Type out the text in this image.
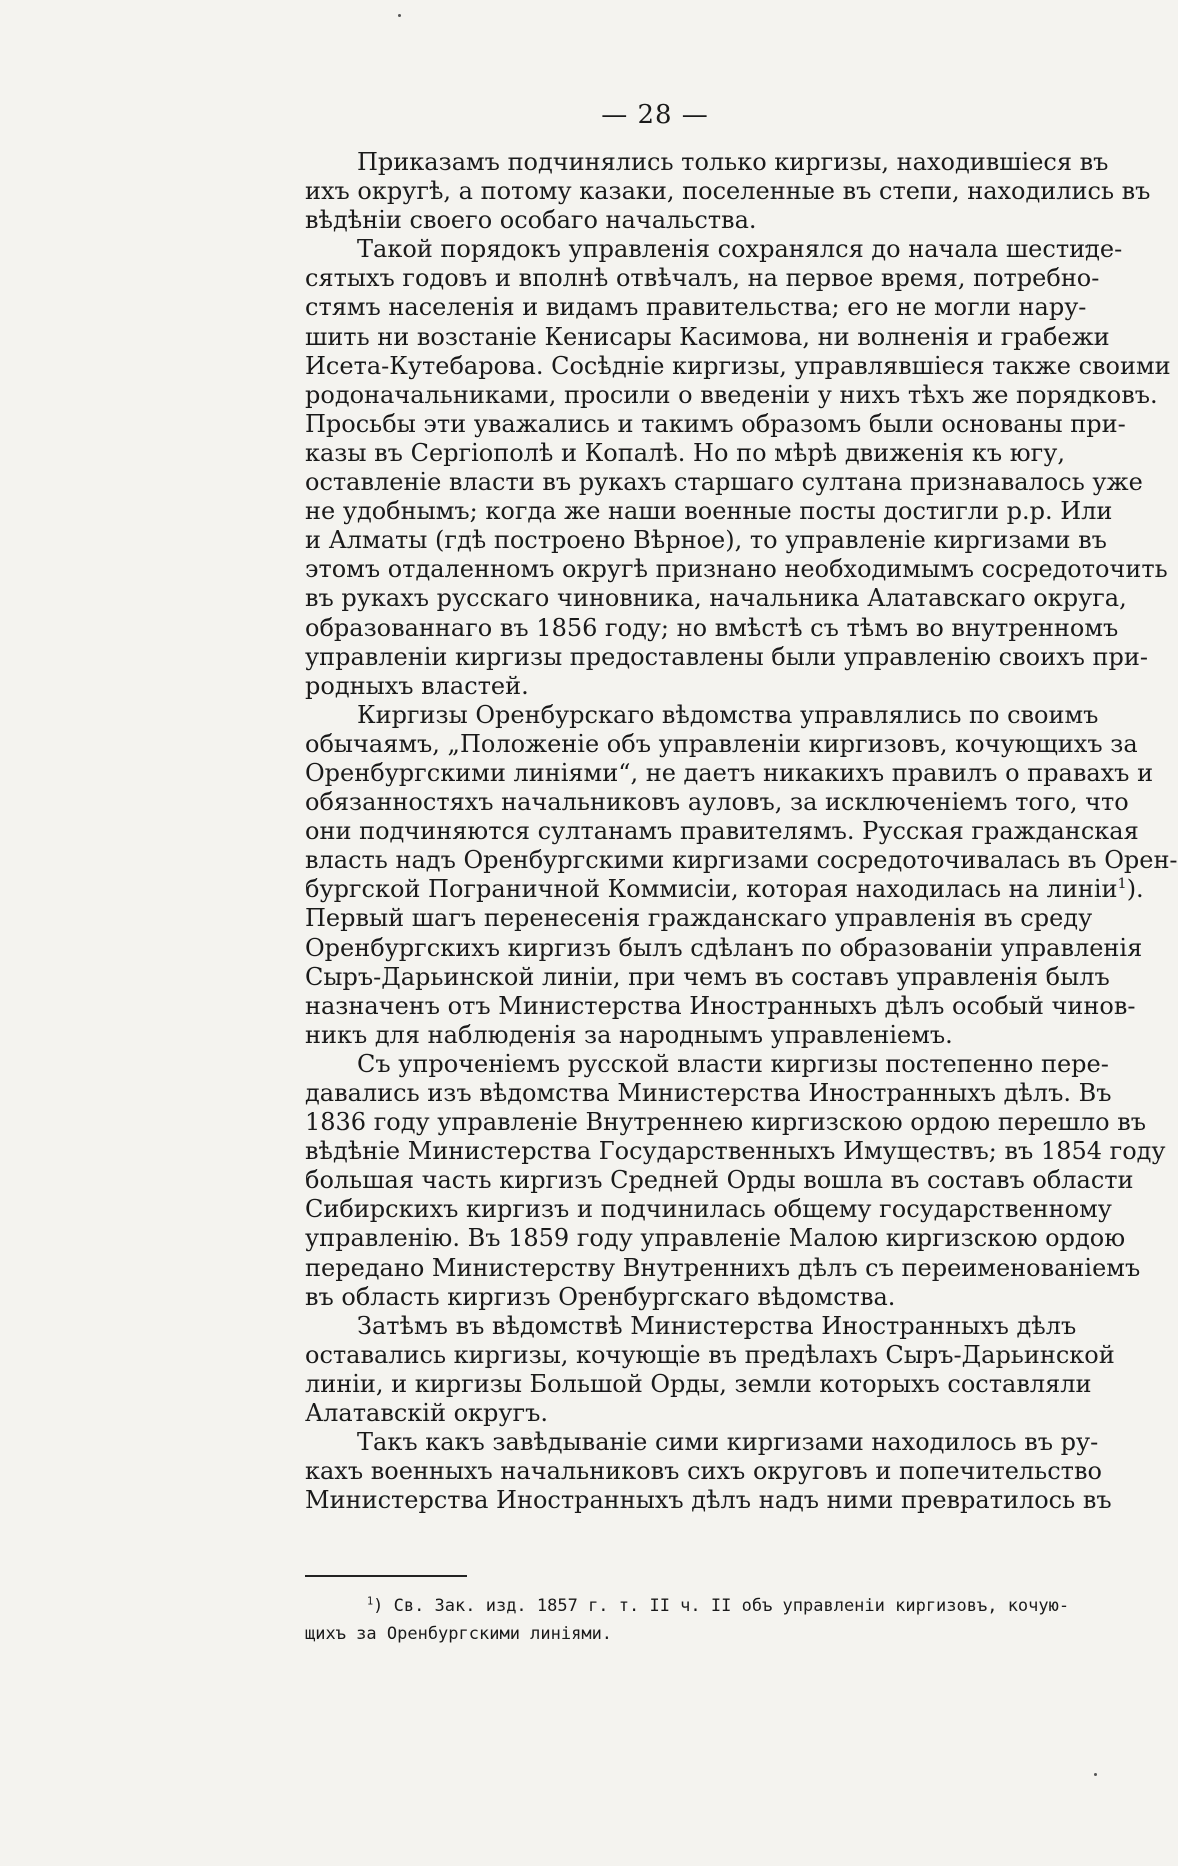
— 28 —
Приказамъ подчинялись только киргизы, находившіеся въ
ихъ округѣ, а потому казаки, поселенные въ степи, находились въ
вѣдѣніи своего особаго начальства.
Такой порядокъ управленія сохранялся до начала шестиде-
сятыхъ годовъ и вполнѣ отвѣчалъ, на первое время, потребно-
стямъ населенія и видамъ правительства; его не могли нару-
шить ни возстаніе Кенисары Касимова, ни волненія и грабежи
Исета-Кутебарова. Сосѣдніе киргизы, управлявшіеся также своими
родоначальниками, просили о введеніи у нихъ тѣхъ же порядковъ.
Просьбы эти уважались и такимъ образомъ были основаны при-
казы въ Сергіополѣ и Копалѣ. Но по мѣрѣ движенія къ югу,
оставленіе власти въ рукахъ старшаго султана признавалось уже
не удобнымъ; когда же наши военные посты достигли р.р. Или
и Алматы (гдѣ построено Вѣрное), то управленіе киргизами въ
этомъ отдаленномъ округѣ признано необходимымъ сосредоточить
въ рукахъ русскаго чиновника, начальника Алатавскаго округа,
образованнаго въ 1856 году; но вмѣстѣ съ тѣмъ во внутренномъ
управленіи киргизы предоставлены были управленію своихъ при-
родныхъ властей.
Киргизы Оренбурскаго вѣдомства управлялись по своимъ
обычаямъ, „Положеніе объ управленіи киргизовъ, кочующихъ за
Оренбургскими линіями“, не даетъ никакихъ правилъ о правахъ и
обязанностяхъ начальниковъ ауловъ, за исключеніемъ того, что
они подчиняются султанамъ правителямъ. Русская гражданская
власть надъ Оренбургскими киргизами сосредоточивалась въ Орен-
бургской Пограничной Коммисіи, которая находилась на линіи$^1$).
Первый шагъ перенесенія гражданскаго управленія въ среду
Оренбургскихъ киргизъ былъ сдѣланъ по образованіи управленія
Сыръ-Дарьинской линіи, при чемъ въ составъ управленія былъ
назначенъ отъ Министерства Иностранныхъ дѣлъ особый чинов-
никъ для наблюденія за народнымъ управленіемъ.
Съ упроченіемъ русской власти киргизы постепенно пере-
давались изъ вѣдомства Министерства Иностранныхъ дѣлъ. Въ
1836 году управленіе Внутреннею киргизскою ордою перешло въ
вѣдѣніе Министерства Государственныхъ Имуществъ; въ 1854 году
большая часть киргизъ Средней Орды вошла въ составъ области
Сибирскихъ киргизъ и подчинилась общему государственному
управленію. Въ 1859 году управленіе Малою киргизскою ордою
передано Министерству Внутреннихъ дѣлъ съ переименованіемъ
въ область киргизъ Оренбургскаго вѣдомства.
Затѣмъ въ вѣдомствѣ Министерства Иностранныхъ дѣлъ
оставались киргизы, кочующіе въ предѣлахъ Сыръ-Дарьинской
линіи, и киргизы Большой Орды, земли которыхъ составляли
Алатавскій округъ.
Такъ какъ завѣдываніе сими киргизами находилось въ ру-
кахъ военныхъ начальниковъ сихъ округовъ и попечительство
Министерства Иностранныхъ дѣлъ надъ ними превратилось въ
$^1$) Св. Зак. изд. 1857 г. т. II ч. II объ управленіи киргизовъ, кочую-
щихъ за Оренбургскими линіями.
